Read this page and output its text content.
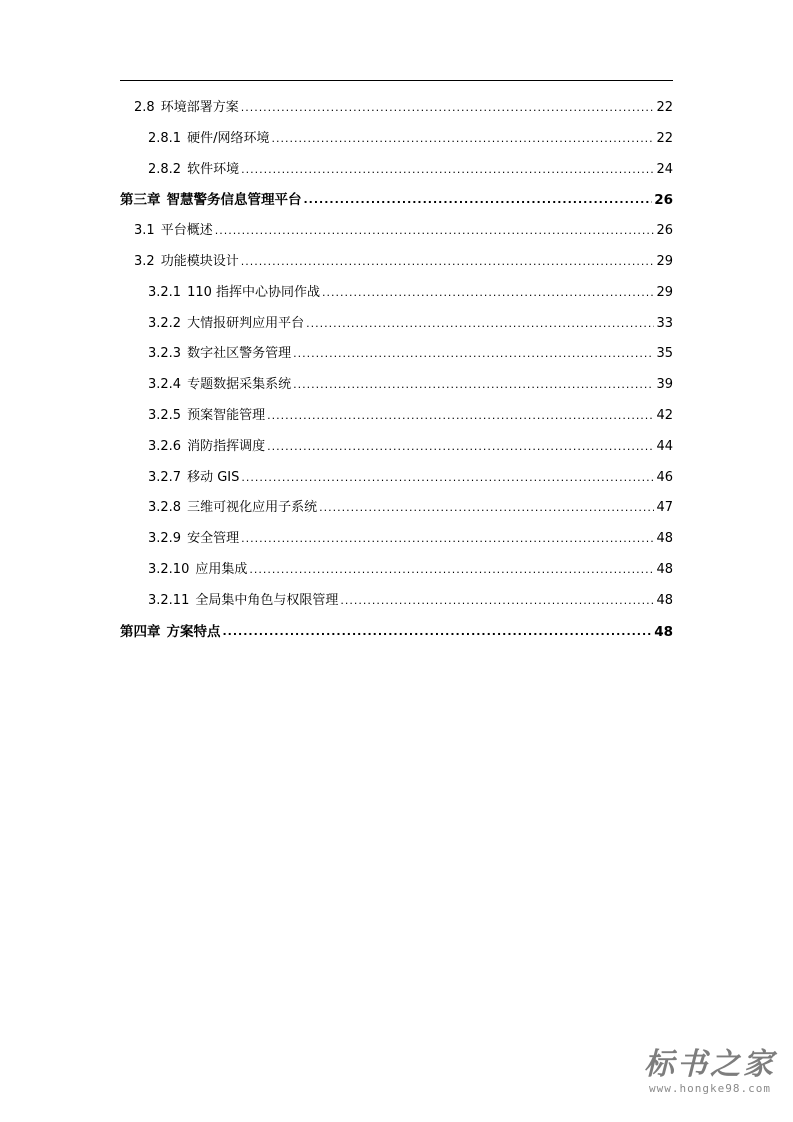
2.8 环境部署方案 .....	22
2.8.1 硬件/网络环境 .....	22
2.8.2 软件环境 .....	24
第三章 智慧警务信息管理平台 .....	26
3.1 平台概述 .....	26
3.2 功能模块设计 .....	29
3.2.1 110 指挥中心协同作战 .....	29
3.2.2 大情报研判应用平台 .....	33
3.2.3 数字社区警务管理 .....	35
3.2.4 专题数据采集系统 .....	39
3.2.5 预案智能管理 .....	42
3.2.6 消防指挥调度 .....	44
3.2.7 移动 GIS .....	46
3.2.8 三维可视化应用子系统 .....	47
3.2.9 安全管理 .....	48
3.2.10 应用集成 .....	48
3.2.11 全局集中角色与权限管理 .....	48
第四章 方案特点 .....	48
标书之家
www.hongke98.com
